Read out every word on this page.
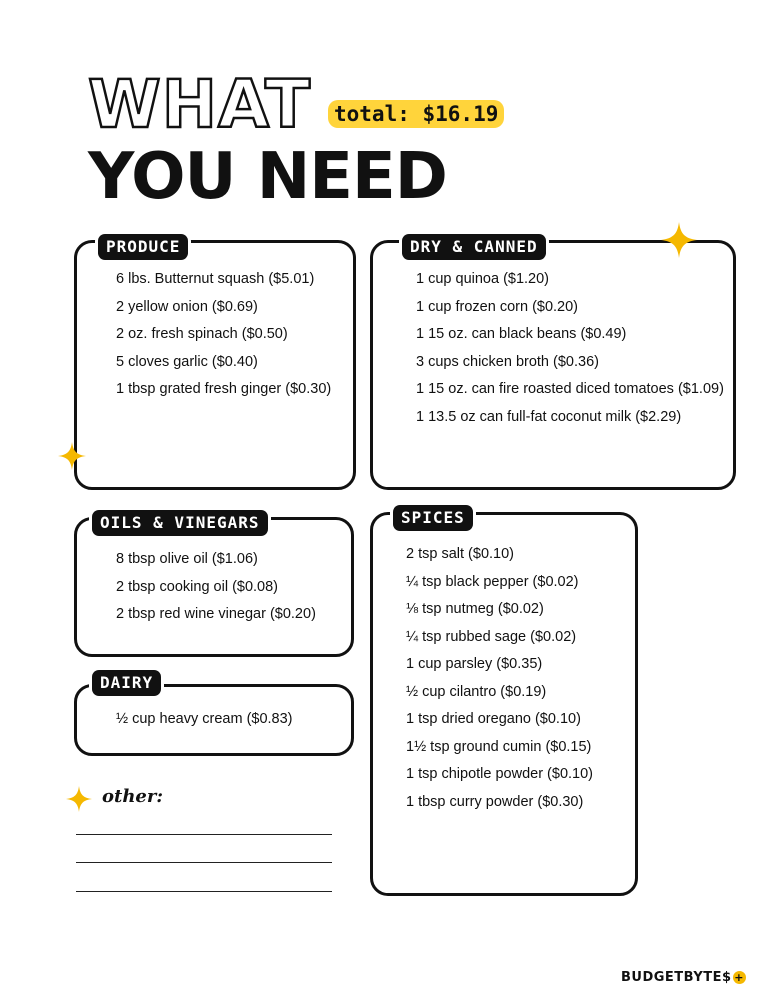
WHAT total: $16.19
YOU NEED
PRODUCE
6 lbs. Butternut squash ($5.01)
2 yellow onion ($0.69)
2 oz. fresh spinach ($0.50)
5 cloves garlic ($0.40)
1 tbsp grated fresh ginger ($0.30)
DRY & CANNED
1 cup quinoa ($1.20)
1 cup frozen corn ($0.20)
1 15 oz. can black beans ($0.49)
3 cups chicken broth ($0.36)
1 15 oz. can fire roasted diced tomatoes ($1.09)
1 13.5 oz can full-fat coconut milk ($2.29)
OILS & VINEGARS
8 tbsp olive oil ($1.06)
2 tbsp cooking oil ($0.08)
2 tbsp red wine vinegar ($0.20)
DAIRY
½ cup heavy cream ($0.83)
SPICES
2 tsp salt ($0.10)
¼ tsp black pepper ($0.02)
⅛ tsp nutmeg ($0.02)
¼ tsp rubbed sage ($0.02)
1 cup parsley ($0.35)
½ cup cilantro ($0.19)
1 tsp dried oregano ($0.10)
1½ tsp ground cumin ($0.15)
1 tsp chipotle powder ($0.10)
1 tbsp curry powder ($0.30)
other:
BUDGETBYTE$ +
